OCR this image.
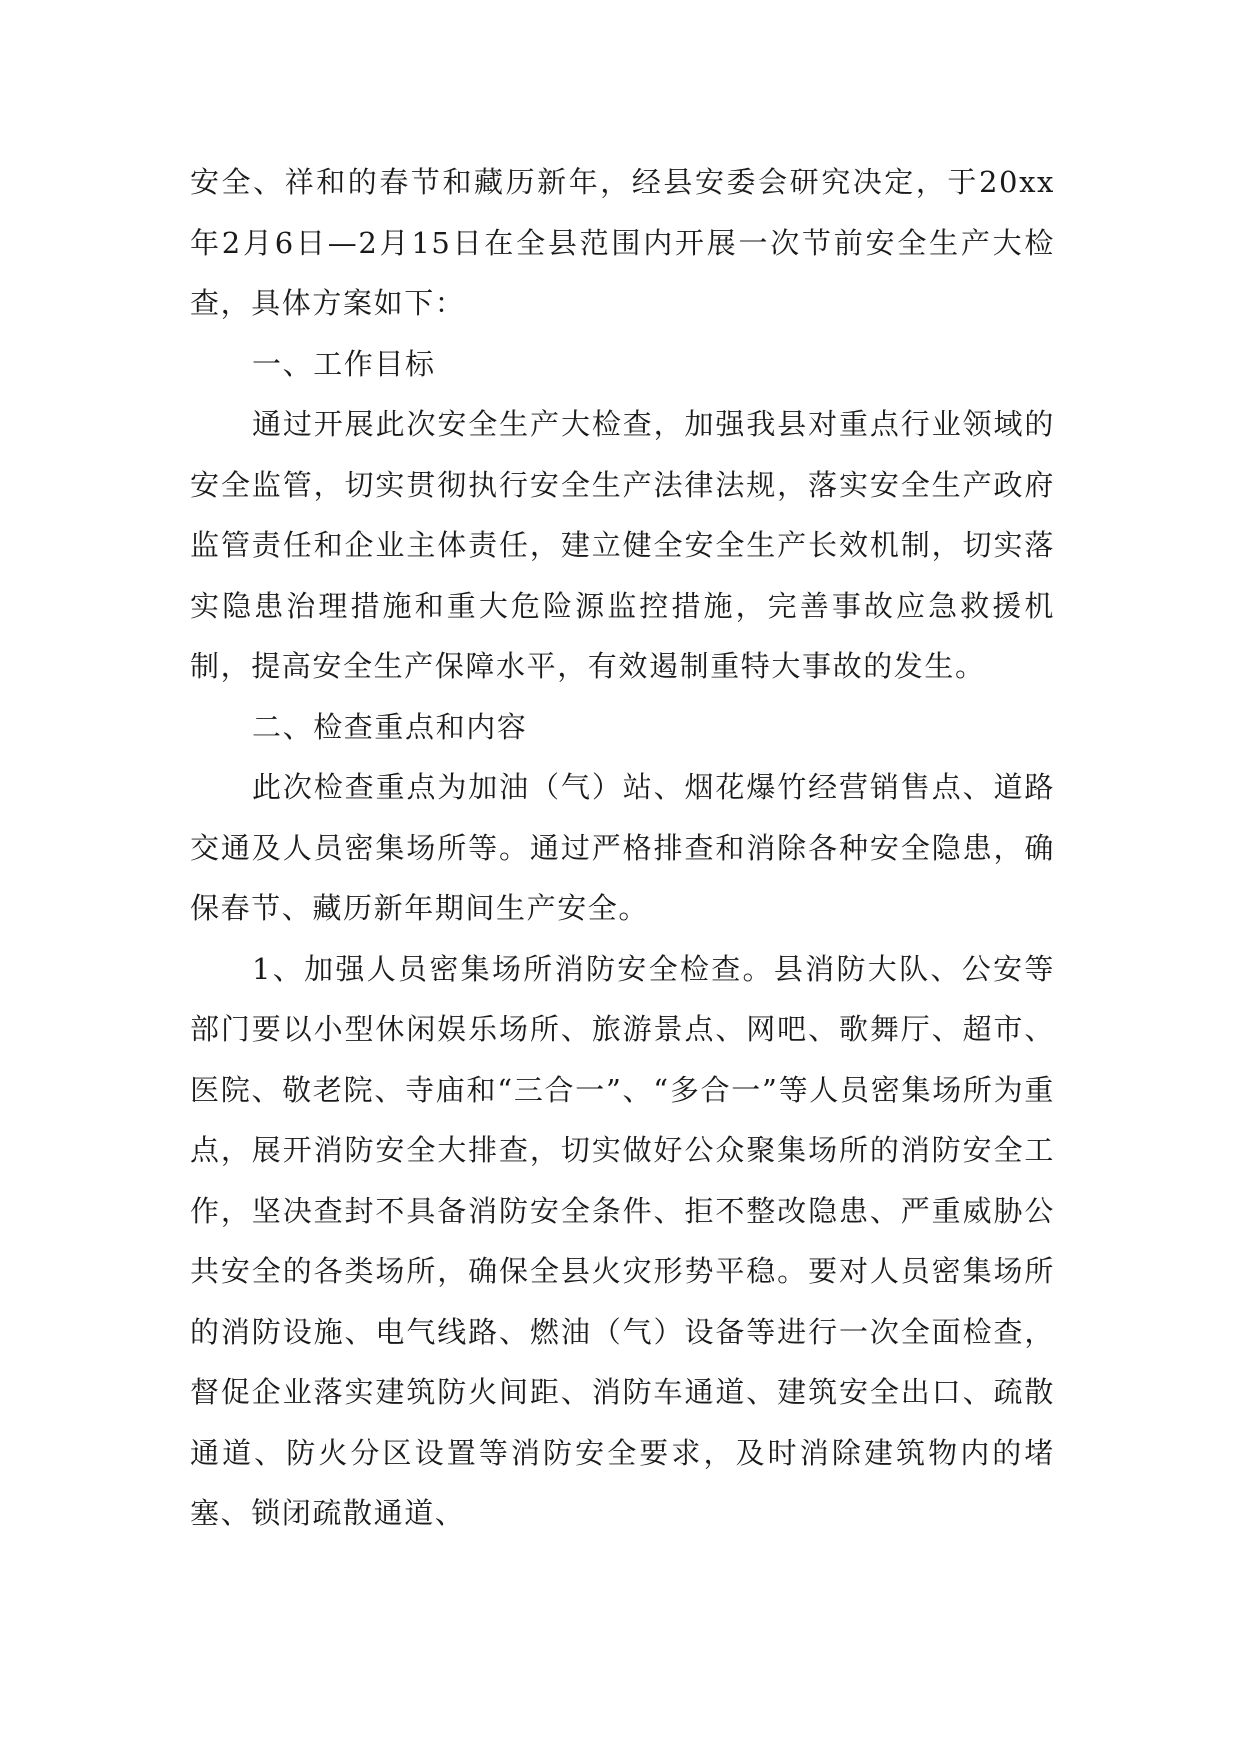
安全、祥和的春节和藏历新年，经县安委会研究决定，于20xx年2月6日—2月15日在全县范围内开展一次节前安全生产大检查，具体方案如下：

一、工作目标

通过开展此次安全生产大检查，加强我县对重点行业领域的安全监管，切实贯彻执行安全生产法律法规，落实安全生产政府监管责任和企业主体责任，建立健全安全生产长效机制，切实落实隐患治理措施和重大危险源监控措施，完善事故应急救援机制，提高安全生产保障水平，有效遏制重特大事故的发生。

二、检查重点和内容

此次检查重点为加油（气）站、烟花爆竹经营销售点、道路交通及人员密集场所等。通过严格排查和消除各种安全隐患，确保春节、藏历新年期间生产安全。

1、加强人员密集场所消防安全检查。县消防大队、公安等部门要以小型休闲娱乐场所、旅游景点、网吧、歌舞厅、超市、医院、敬老院、寺庙和“三合一”、“多合一”等人员密集场所为重点，展开消防安全大排查，切实做好公众聚集场所的消防安全工作，坚决查封不具备消防安全条件、拒不整改隐患、严重威胁公共安全的各类场所，确保全县火灾形势平稳。要对人员密集场所的消防设施、电气线路、燃油（气）设备等进行一次全面检查，督促企业落实建筑防火间距、消防车通道、建筑安全出口、疏散通道、防火分区设置等消防安全要求，及时消除建筑物内的堵塞、锁闭疏散通道、
